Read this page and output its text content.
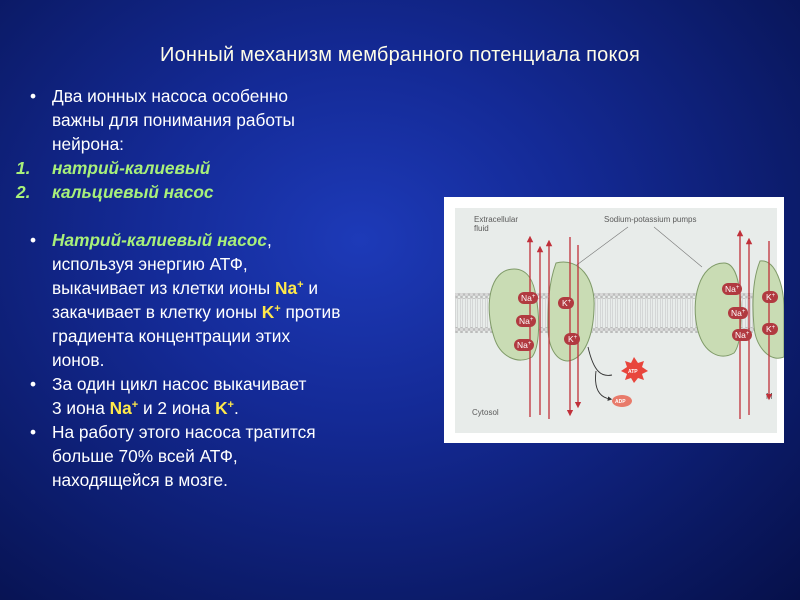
Ионный механизм мембранного потенциала покоя
• Два ионных насоса особенно
важны для понимания работы
нейрона:
1. натрий-калиевый
2. кальциевый насос
• Натрий-калиевый насос,
используя энергию АТФ,
выкачивает из клетки ионы Na+ и
закачивает в клетку ионы K+ против
градиента концентрации этих
ионов.
• За один цикл насос выкачивает
3 иона Na+ и 2 иона K+.
• На работу этого насоса тратится
больше 70% всей АТФ,
находящейся в мозге.
Extracellular
fluid
Sodium-potassium pumps
Cytosol
M
Na+
Na+
Na+
K+
K+
Na+
Na+
Na+
K+
K+
ATP
ADP
